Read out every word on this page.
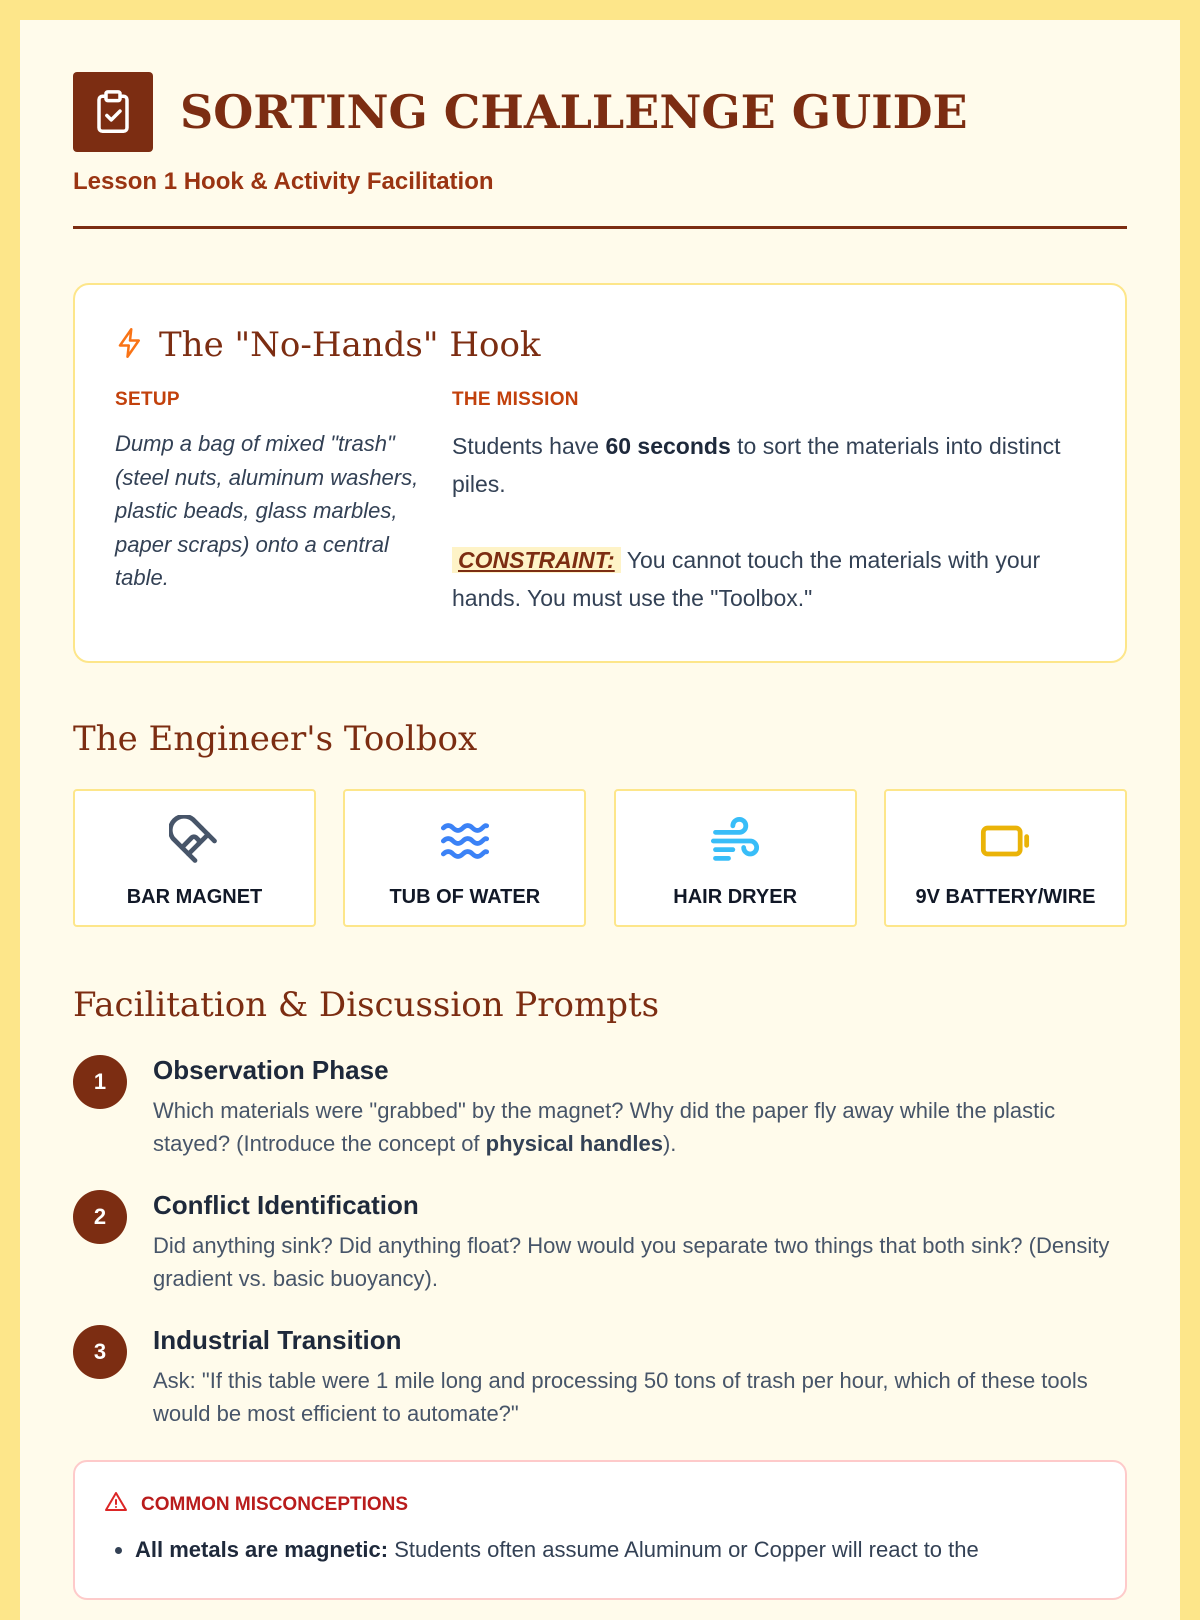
SORTING CHALLENGE GUIDE
Lesson 1 Hook & Activity Facilitation
The "No-Hands" Hook
SETUP

Dump a bag of mixed "trash" (steel nuts, aluminum washers, plastic beads, glass marbles, paper scraps) onto a central table.

THE MISSION

Students have 60 seconds to sort the materials into distinct piles.

CONSTRAINT: You cannot touch the materials with your hands. You must use the "Toolbox."

The Engineer's Toolbox
BAR MAGNET	TUB OF WATER	HAIR DRYER	9V BATTERY/WIRE
Facilitation & Discussion Prompts
1	Observation Phase

Which materials were "grabbed" by the magnet? Why did the paper fly away while the plastic stayed? (Introduce the concept of physical handles).

2	Conflict Identification

Did anything sink? Did anything float? How would you separate two things that both sink? (Density gradient vs. basic buoyancy).

3	Industrial Transition

Ask: "If this table were 1 mile long and processing 50 tons of trash per hour, which of these tools would be most efficient to automate?"

COMMON MISCONCEPTIONS
• All metals are magnetic: Students often assume Aluminum or Copper will react to the
